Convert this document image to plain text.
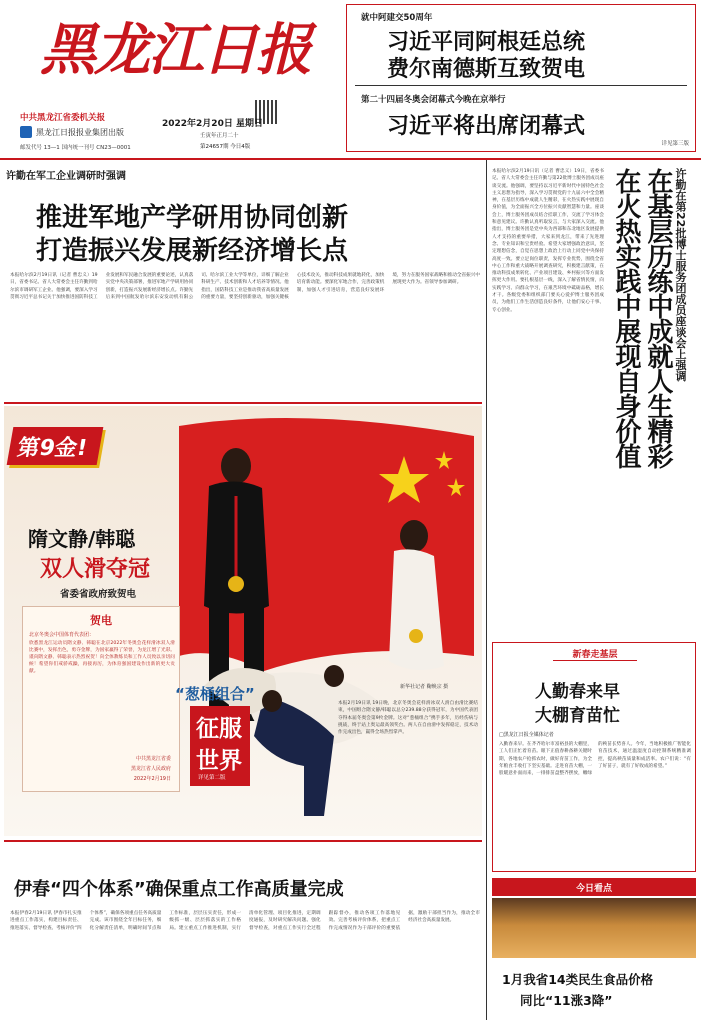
黑龙江日报
中共黑龙江省委机关报
黑龙江日报报业集团出版
邮发代号 13—1 国内统一刊号 CN23—0001
2022年2月20日 星期日
壬寅年正月二十
第24657期 今日4版
就中阿建交50周年
习近平同阿根廷总统
费尔南德斯互致贺电
第二十四届冬奥会闭幕式今晚在京举行
习近平将出席闭幕式
详见第三版
许勤在军工企业调研时强调
推进军地产学研用协同创新
打造振兴发展新经济增长点
本报哈尔滨2月19日讯（记者 曹忠义）19日，省委书记、省人大常委会主任许勤到哈尔滨市调研军工企业。他强调，要深入学习贯彻习近平总书记关于加快推进国防科技工业发展和军民融合发展的重要论述，认真落实党中央决策部署，推进军地产学研用协同创新，打造振兴发展新经济增长点。许勤先后来到中国航发哈尔滨东安发动机有限公司、哈尔滨工业大学等单位，详细了解企业科研生产、技术创新和人才培养等情况。他指出，国防科技工业是推动我省高质量发展的重要力量，要坚持创新驱动，加强关键核心技术攻关，推动科技成果就地转化，加快培育新动能。要深化军地合作，完善政策机制，加强人才引进培育，营造良好发展环境，努力在服务国家战略和推动全省振兴中展现更大作为。省领导参加调研。
第9金!
隋文静/韩聪
双人滑夺冠
省委省政府致贺电
贺电
北京冬奥会中国体育代表团：
欣悉黑龙江运动员隋文静、韩聪在北京2022年冬奥会花样滑冰双人滑比赛中，发挥出色，勇夺金牌，为国家赢得了荣誉，为龙江增了光彩。谨向隋文静、韩聪表示热烈祝贺！向全体教练员和工作人员致以亲切问候！希望你们戒骄戒躁，再接再厉，为体育强国建设作出新的更大贡献。
中共黑龙江省委
黑龙江省人民政府
2022年2月19日
“葱桶组合”
征服
世界
详见第二版
新华社记者 鞠焕宗 摄
本报2月19日讯 19日晚，北京冬奥会花样滑冰双人滑自由滑比赛结束，中国组合隋文静/韩聪以总分239.88分获得冠军，为中国代表团夺得本届冬奥会第9枚金牌。这对“葱桶组合”携手多年，历经伤病与挑战，终于站上奥运最高领奖台。两人在自由滑中发挥稳定，技术动作完成出色，赢得全场热烈掌声。
伊春“四个体系”确保重点工作高质量完成
本报伊春2月19日讯 伊春市扎实推进重点工作落实，构建目标责任、推进落实、督导检查、考核评价“四个体系”，确保各项重点任务高质量完成。该市围绕全年目标任务，细化分解责任清单，明确时间节点和工作标准，层层压实责任，形成一级抓一级、层层抓落实的工作格局。建立重点工作推进机制，实行清单化管理、项目化推进，定期调度通报，及时研究解决问题。强化督导检查，对重点工作实行全过程跟踪督办，推动各项工作落地见效。完善考核评价体系，把重点工作完成情况作为干部评价的重要依据，激励干部担当作为，推动全市经济社会高质量发展。
许勤在第22批博士服务团成员座谈会上强调
在基层历练中成就人生精彩
在火热实践中展现自身价值
本报哈尔滨2月19日讯（记者 曹忠义）19日，省委书记、省人大常委会主任许勤与第22批博士服务团成员座谈交流。他强调，要坚持以习近平新时代中国特色社会主义思想为指导，深入学习贯彻党的十九届六中全会精神，在基层历练中成就人生精彩，在火热实践中展现自身价值，为全面振兴全方位振兴贡献智慧和力量。座谈会上，博士服务团成员结合挂职工作，交流了学习体会和意见建议。许勤认真听取发言，与大家深入交流。他指出，博士服务团是党中央为西部和东北地区发展提供人才支持的重要举措，大家来到龙江，带来了先进理念、专业知识和宝贵经验。希望大家增强政治意识，坚定理想信念，自觉在思想上政治上行动上同党中央保持高度一致。要立足岗位职责，发挥专业优势，围绕全省中心工作和重大战略开展调查研究，积极建言献策，在推动科技成果转化、产业项目建设、乡村振兴等方面发挥更大作用。要扎根基层一线，深入了解省情民情，向实践学习、向群众学习，在艰苦环境中砥砺品格，增长才干。各级党委和组织部门要关心爱护博士服务团成员，为他们工作生活创造良好条件，让他们安心干事、专心创业。
新春走基层
人勤春来早
大棚育苗忙
□黑龙江日报全媒体记者
入勤春来早。在齐齐哈尔市富裕县的大棚里，工人们正忙着育苗。眼下正值春耕备耕关键时期，各地农户抢抓农时，做好育苗工作，为全年粮食丰收打下坚实基础。走进育苗大棚，一股暖意扑面而来，一排排苗盘整齐摆放，嫩绿的秧苗长势喜人。今年，当地积极推广智能化育苗技术，通过温湿度自动控制系统精准调控，提高秧苗质量和成活率。农户们说：“有了好苗子，就有了好收成的希望。”
今日看点
1月我省14类民生食品价格
同比“11涨3降”
